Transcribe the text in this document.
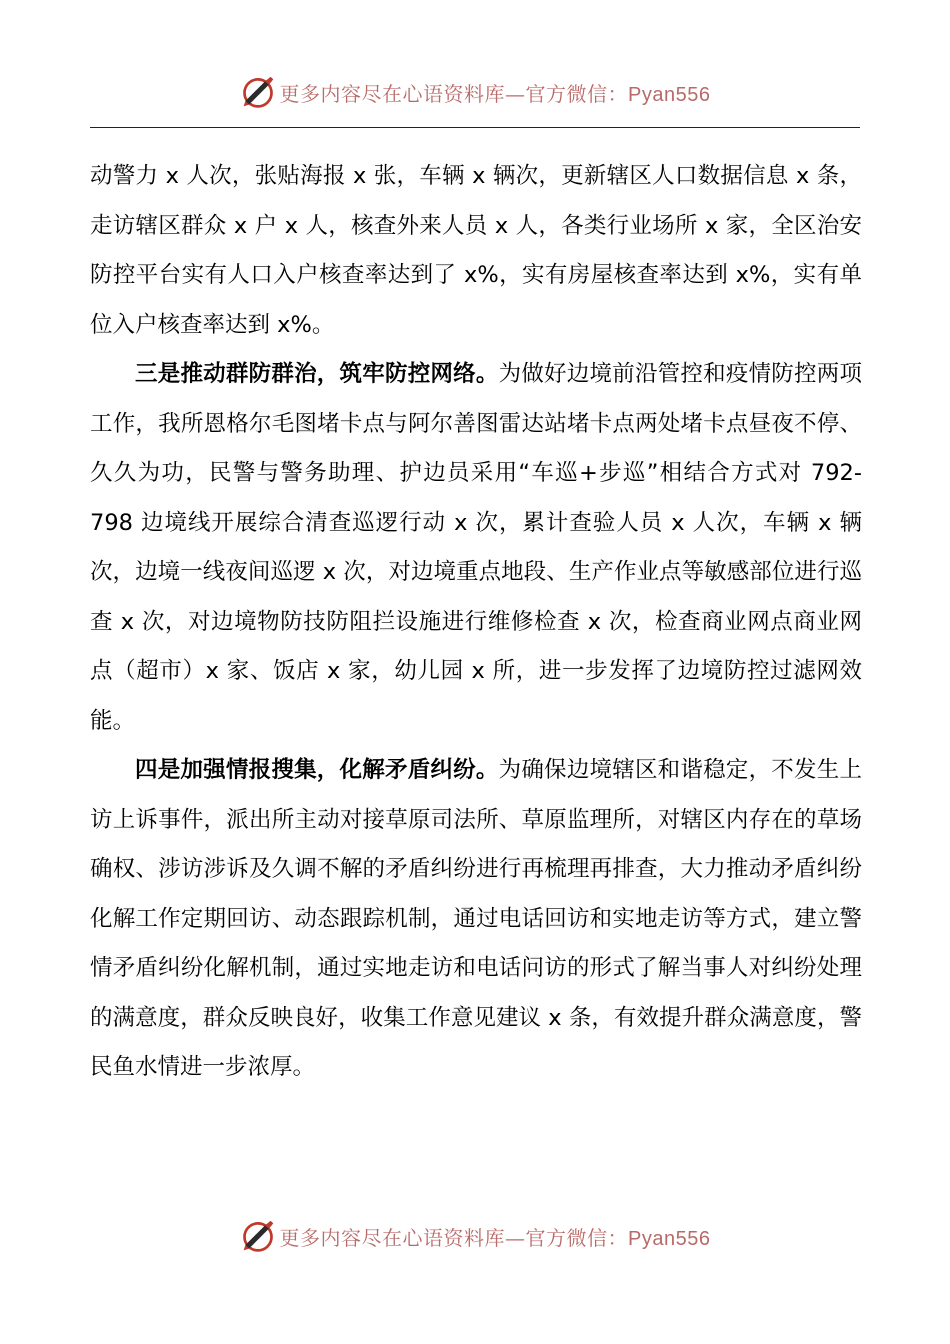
更多内容尽在心语资料库—官方微信：Pyan556

动警力 x 人次，张贴海报 x 张，车辆 x 辆次，更新辖区人口数据信息 x 条，走访辖区群众 x 户 x 人，核查外来人员 x 人，各类行业场所 x 家，全区治安防控平台实有人口入户核查率达到了 x%，实有房屋核查率达到 x%，实有单位入户核查率达到 x%。

三是推动群防群治，筑牢防控网络。为做好边境前沿管控和疫情防控两项工作，我所恩格尔毛图堵卡点与阿尔善图雷达站堵卡点两处堵卡点昼夜不停、久久为功，民警与警务助理、护边员采用“车巡+步巡”相结合方式对 792-798 边境线开展综合清查巡逻行动 x 次，累计查验人员 x 人次，车辆 x 辆次，边境一线夜间巡逻 x 次，对边境重点地段、生产作业点等敏感部位进行巡查 x 次，对边境物防技防阻拦设施进行维修检查 x 次，检查商业网点商业网点（超市）x 家、饭店 x 家，幼儿园 x 所，进一步发挥了边境防控过滤网效能。

四是加强情报搜集，化解矛盾纠纷。为确保边境辖区和谐稳定，不发生上访上诉事件，派出所主动对接草原司法所、草原监理所，对辖区内存在的草场确权、涉访涉诉及久调不解的矛盾纠纷进行再梳理再排查，大力推动矛盾纠纷化解工作定期回访、动态跟踪机制，通过电话回访和实地走访等方式，建立警情矛盾纠纷化解机制，通过实地走访和电话问访的形式了解当事人对纠纷处理的满意度，群众反映良好，收集工作意见建议 x 条，有效提升群众满意度，警民鱼水情进一步浓厚。

更多内容尽在心语资料库—官方微信：Pyan556
